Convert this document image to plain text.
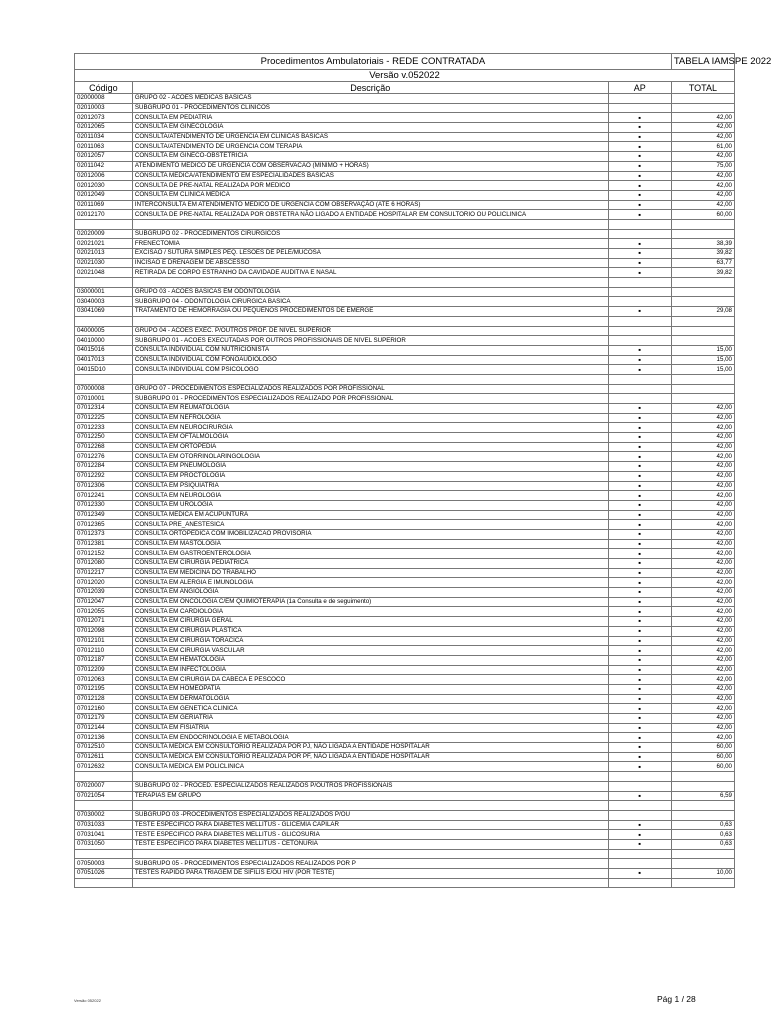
Procedimentos Ambulatoriais - REDE CONTRATADA			TABELA IAMSPE 2022
Versão v.052022			
Código	Descrição	AP	TOTAL
02000008	GRUPO 02 - ACOES MEDICAS BASICAS		
02010003	SUBGRUPO 01 - PROCEDIMENTOS CLINICOS		
02012073	CONSULTA EM PEDIATRIA	■	42,00
02012065	CONSULTA EM GINECOLOGIA	■	42,00
02011034	CONSULTA/ATENDIMENTO DE URGENCIA EM CLINICAS BASICAS	■	42,00
02011063	CONSULTA/ATENDIMENTO DE URGENCIA COM TERAPIA	■	61,00
02012057	CONSULTA EM GINECO-OBSTETRICIA	■	42,00
02011042	ATENDIMENTO MEDICO DE URGENCIA COM OBSERVACAO (MINIMO + HORAS)	■	75,00
02012006	CONSULTA MEDICA/ATENDIMENTO EM ESPECIALIDADES BASICAS	■	42,00
02012030	CONSULTA DE PRE-NATAL REALIZADA POR MEDICO	■	42,00
02012049	CONSULTA EM CLINICA MEDICA	■	42,00
02011069	INTERCONSULTA EM ATENDIMENTO MEDICO DE URGENCIA COM OBSERVAÇÃO (ATE 6 HORAS)	■	42,00
02012170	CONSULTA DE PRE-NATAL REALIZADA POR OBSTETRA NÃO LIGADO A ENTIDADE HOSPITALAR EM CONSULTORIO OU POLICLINICA	■	60,00

02020009	SUBGRUPO 02 - PROCEDIMENTOS CIRURGICOS		
02021021	FRENECTOMIA	■	38,39
02021013	EXCISAO / SUTURA SIMPLES PEQ. LESOES DE PELE/MUCOSA	■	39,82
02021030	INCISAO E DRENAGEM DE ABSCESSO	■	63,77
02021048	RETIRADA DE CORPO ESTRANHO DA CAVIDADE AUDITIVA E NASAL	■	39,82

03000001	GRUPO 03 - ACOES BASICAS EM ODONTOLOGIA		
03040003	SUBGRUPO 04 - ODONTOLOGIA CIRURGICA BASICA		
03041069	TRATAMENTO DE HEMORRAGIA OU PEQUENOS PROCEDIMENTOS DE EMERGE	■	29,08

04000005	GRUPO 04 - ACOES EXEC. P/OUTROS PROF. DE NIVEL SUPERIOR		
04010000	SUBGRUPO 01 - ACOES EXECUTADAS POR OUTROS PROFISSIONAIS DE NIVEL SUPERIOR		
04015016	CONSULTA INDIVIDUAL COM NUTRICIONISTA	■	15,00
04017013	CONSULTA INDIVIDUAL COM FONOAUDIOLOGO	■	15,00
04015D10	CONSULTA INDIVIDUAL COM PSICOLOGO	■	15,00

07000008	GRUPO 07 - PROCEDIMENTOS ESPECIALIZADOS REALIZADOS POR PROFISSIONAL		
07010001	SUBGRUPO 01 - PROCEDIMENTOS ESPECIALIZADOS REALIZADO POR PROFISSIONAL		
07012314	CONSULTA EM REUMATOLOGIA	■	42,00
07012225	CONSULTA EM NEFROLOGIA	■	42,00
07012233	CONSULTA EM NEUROCIRURGIA	■	42,00
07012250	CONSULTA EM OFTALMOLOGIA	■	42,00
07012268	CONSULTA EM ORTOPEDIA	■	42,00
07012276	CONSULTA EM OTORRINOLARINGOLOGIA	■	42,00
07012284	CONSULTA EM PNEUMOLOGIA	■	42,00
07012292	CONSULTA EM PROCTOLOGIA	■	42,00
07012306	CONSULTA EM PSIQUIATRIA	■	42,00
07012241	CONSULTA EM NEUROLOGIA	■	42,00
07012330	CONSULTA EM UROLOGIA	■	42,00
07012349	CONSULTA MEDICA EM ACUPUNTURA	■	42,00
07012365	CONSULTA PRE_ANESTESICA	■	42,00
07012373	CONSULTA ORTOPEDICA COM IMOBILIZACAO PROVISORIA	■	42,00
07012381	CONSULTA EM MASTOLOGIA	■	42,00
07012152	CONSULTA EM GASTROENTEROLOGIA	■	42,00
07012080	CONSULTA EM CIRURGIA PEDIATRICA	■	42,00
07012217	CONSULTA EM MEDICINA DO TRABALHO	■	42,00
07012020	CONSULTA EM ALERGIA E IMUNOLOGIA	■	42,00
07012039	CONSULTA EM ANGIOLOGIA	■	42,00
07012047	CONSULTA EM ONCOLOGIA C/EM QUIMIOTERAPIA (1a Consulta e de seguimento)	■	42,00
07012055	CONSULTA EM CARDIOLOGIA	■	42,00
07012071	CONSULTA EM CIRURGIA GERAL	■	42,00
07012098	CONSULTA EM CIRURGIA PLASTICA	■	42,00
07012101	CONSULTA EM CIRURGIA TORACICA	■	42,00
07012110	CONSULTA EM CIRURGIA VASCULAR	■	42,00
07012187	CONSULTA EM HEMATOLOGIA	■	42,00
07012209	CONSULTA EM INFECTOLOGIA	■	42,00
07012063	CONSULTA EM CIRURGIA DA CABECA E PESCOCO	■	42,00
07012195	CONSULTA EM HOMEOPATIA	■	42,00
07012128	CONSULTA EM DERMATOLOGIA	■	42,00
07012160	CONSULTA EM GENETICA CLINICA	■	42,00
07012179	CONSULTA EM GERIATRIA	■	42,00
07012144	CONSULTA EM FISIATRIA	■	42,00
07012136	CONSULTA EM ENDOCRINOLOGIA E METABOLOGIA	■	42,00
07012510	CONSULTA MEDICA EM CONSULTORIO REALIZADA POR PJ, NÃO LIGADA A ENTIDADE HOSPITALAR	■	60,00
07012611	CONSULTA MEDICA EM CONSULTORIO REALIZADA POR PF, NÃO LIGADA A ENTIDADE HOSPITALAR	■	60,00
07012632	CONSULTA MEDICA EM POLICLINICA	■	60,00

07020007	SUBGRUPO 02 - PROCED. ESPECIALIZADOS REALIZADOS P/OUTROS PROFISSIONAIS		
07021054	TERAPIAS EM GRUPO	■	6,59

07030002	SUBGRUPO 03 -PROCEDIMENTOS ESPECIALIZADOS REALIZADOS P/OU		
07031033	TESTE ESPECIFICO PARA DIABETES MELLITUS - GLICEMIA CAPILAR	■	0,63
07031041	TESTE ESPECIFICO PARA DIABETES MELLITUS - GLICOSURIA	■	0,63
07031050	TESTE ESPECIFICO PARA DIABETES MELLITUS - CETONURIA	■	0,63

07050003	SUBGRUPO 05 - PROCEDIMENTOS ESPECIALIZADOS REALIZADOS POR P		
07051026	TESTES RAPIDO PARA TRIAGEM DE SIFILIS E/OU HIV (POR TESTE)	■	10,00

Versão 052022	Pág 1 / 28
